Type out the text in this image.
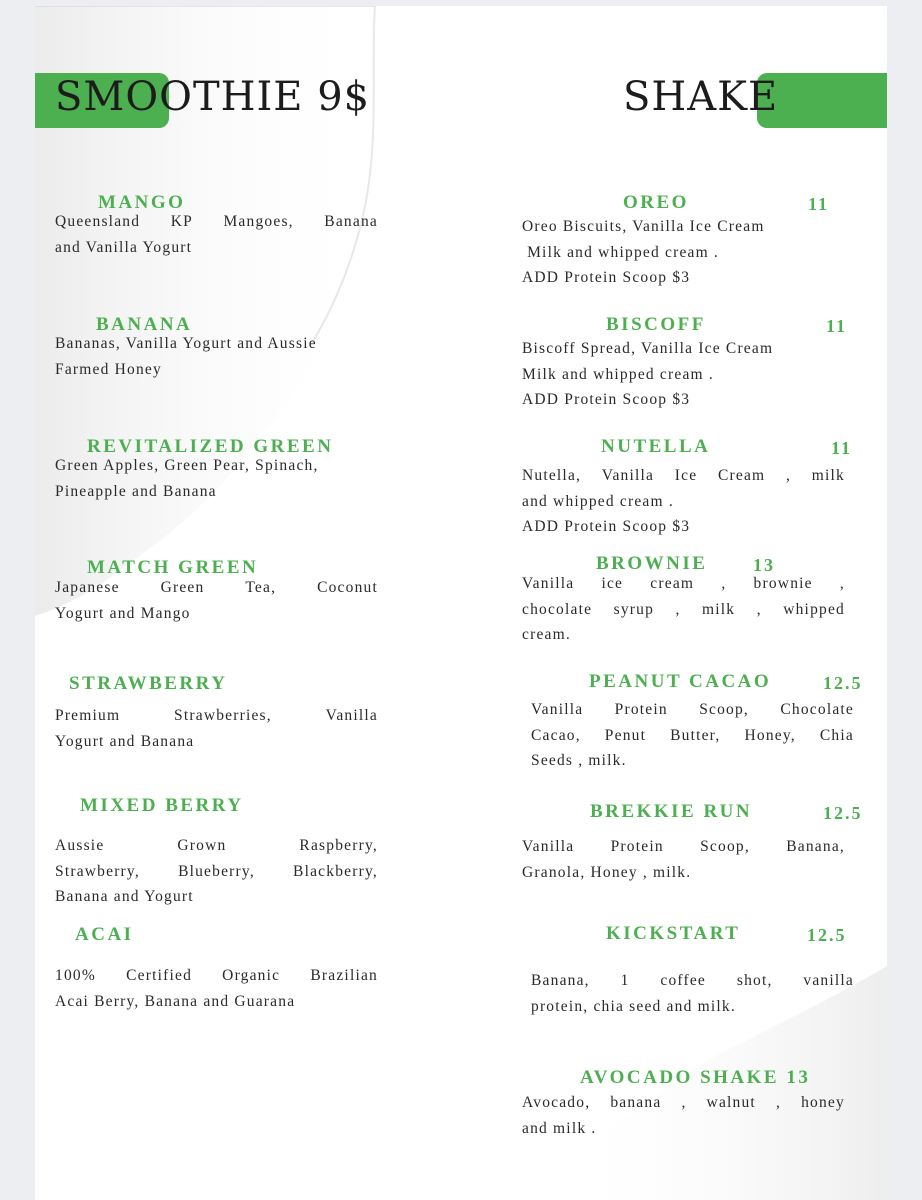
SMOOTHIE 9$	SHAKE
MANGO
Queensland KP Mangoes, Banana
and Vanilla Yogurt
BANANA
Bananas, Vanilla Yogurt and Aussie
Farmed Honey
REVITALIZED GREEN
Green Apples, Green Pear, Spinach,
Pineapple and Banana
MATCH GREEN
Japanese	Green	Tea,	Coconut
Yogurt and Mango
STRAWBERRY
Premium	Strawberries,	Vanilla
Yogurt and Banana
MIXED BERRY
Aussie	Grown	Raspberry,
Strawberry, Blueberry, Blackberry,
Banana and Yogurt
ACAI
100% Certified Organic Brazilian
Acai Berry, Banana and Guarana
OREO	11
Oreo Biscuits, Vanilla Ice Cream
Milk and whipped cream .
ADD Protein Scoop $3
BISCOFF	11
Biscoff Spread, Vanilla Ice Cream
Milk and whipped cream .
ADD Protein Scoop $3
NUTELLA	11
Nutella, Vanilla Ice Cream , milk
and whipped cream .
ADD Protein Scoop $3
BROWNIE	13
Vanilla ice cream , brownie ,
chocolate syrup , milk , whipped
cream.
PEANUT CACAO	12.5
Vanilla Protein Scoop, Chocolate
Cacao, Penut Butter, Honey, Chia
Seeds , milk.
BREKKIE RUN	12.5
Vanilla Protein Scoop, Banana,
Granola, Honey , milk.
KICKSTART	12.5
Banana, 1 coffee shot, vanilla
protein, chia seed and milk.
AVOCADO SHAKE 13
Avocado, banana , walnut , honey
and milk .
